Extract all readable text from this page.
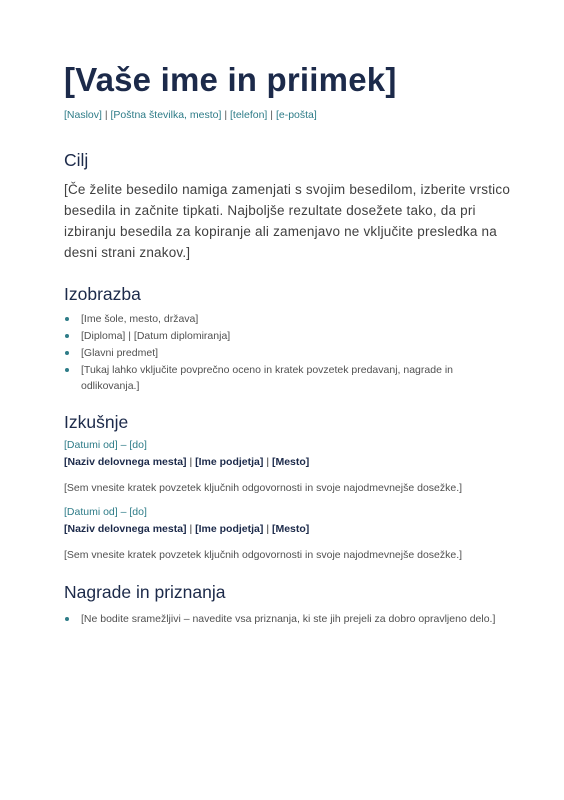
[Vaše ime in priimek]
[Naslov] | [Poštna številka, mesto] | [telefon] | [e-pošta]
Cilj
[Če želite besedilo namiga zamenjati s svojim besedilom, izberite vrstico besedila in začnite tipkati. Najboljše rezultate dosežete tako, da pri izbiranju besedila za kopiranje ali zamenjavo ne vključite presledka na desni strani znakov.]
Izobrazba
[Ime šole, mesto, država]
[Diploma] | [Datum diplomiranja]
[Glavni predmet]
[Tukaj lahko vključite povprečno oceno in kratek povzetek predavanj, nagrade in odlikovanja.]
Izkušnje
[Datumi od] – [do]
[Naziv delovnega mesta] | [Ime podjetja] | [Mesto]
[Sem vnesite kratek povzetek ključnih odgovornosti in svoje najodmevnejše dosežke.]
[Datumi od] – [do]
[Naziv delovnega mesta] | [Ime podjetja] | [Mesto]
[Sem vnesite kratek povzetek ključnih odgovornosti in svoje najodmevnejše dosežke.]
Nagrade in priznanja
[Ne bodite sramežljivi – navedite vsa priznanja, ki ste jih prejeli za dobro opravljeno delo.]
